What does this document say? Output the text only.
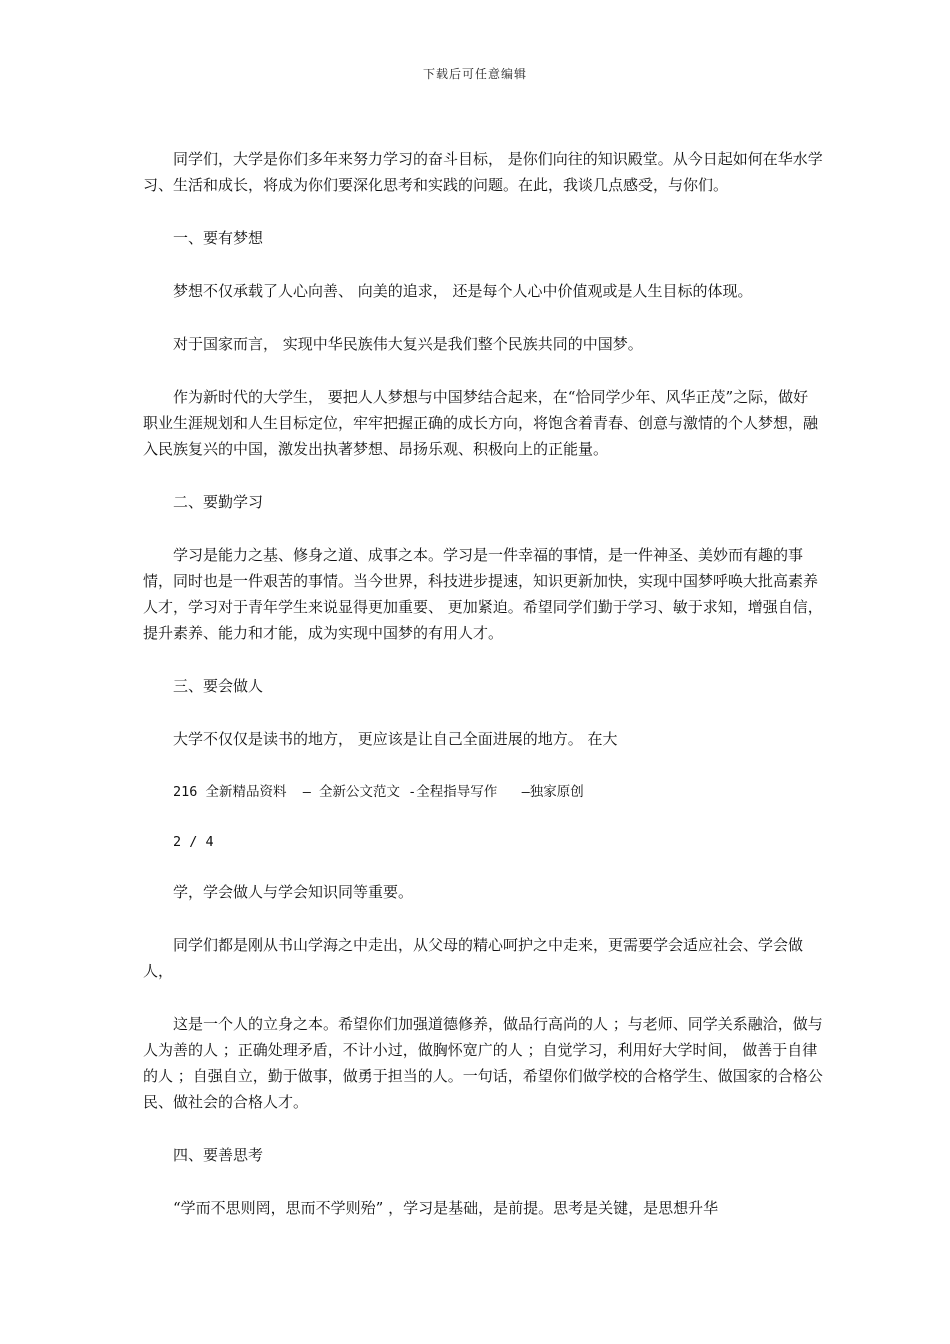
下载后可任意编辑

同学们，大学是你们多年来努力学习的奋斗目标， 是你们向往的知识殿堂。从今日起如何在华水学习、生活和成长，将成为你们要深化思考和实践的问题。在此，我谈几点感受，与你们。

一、要有梦想

梦想不仅承载了人心向善、 向美的追求， 还是每个人心中价值观或是人生目标的体现。

对于国家而言， 实现中华民族伟大复兴是我们整个民族共同的中国梦。

作为新时代的大学生， 要把人人梦想与中国梦结合起来，在“恰同学少年、风华正茂”之际，做好职业生涯规划和人生目标定位，牢牢把握正确的成长方向，将饱含着青春、创意与激情的个人梦想，融入民族复兴的中国，激发出执著梦想、昂扬乐观、积极向上的正能量。

二、要勤学习

学习是能力之基、修身之道、成事之本。学习是一件幸福的事情，是一件神圣、美妙而有趣的事情，同时也是一件艰苦的事情。当今世界，科技进步提速，知识更新加快，实现中国梦呼唤大批高素养人才，学习对于青年学生来说显得更加重要、 更加紧迫。希望同学们勤于学习、敏于求知，增强自信，提升素养、能力和才能，成为实现中国梦的有用人才。

三、要会做人

大学不仅仅是读书的地方， 更应该是让自己全面进展的地方。 在大

216 全新精品资料  – 全新公文范文 -全程指导写作   –独家原创

2 / 4

学，学会做人与学会知识同等重要。

同学们都是刚从书山学海之中走出，从父母的精心呵护之中走来，更需要学会适应社会、学会做人，

这是一个人的立身之本。希望你们加强道德修养，做品行高尚的人 ；与老师、同学关系融洽，做与人为善的人 ；正确处理矛盾，不计小过，做胸怀宽广的人 ；自觉学习，利用好大学时间， 做善于自律的人 ；自强自立，勤于做事，做勇于担当的人。一句话，希望你们做学校的合格学生、做国家的合格公民、做社会的合格人才。

四、要善思考

“学而不思则罔，思而不学则殆” ，学习是基础，是前提。思考是关键，是思想升华
